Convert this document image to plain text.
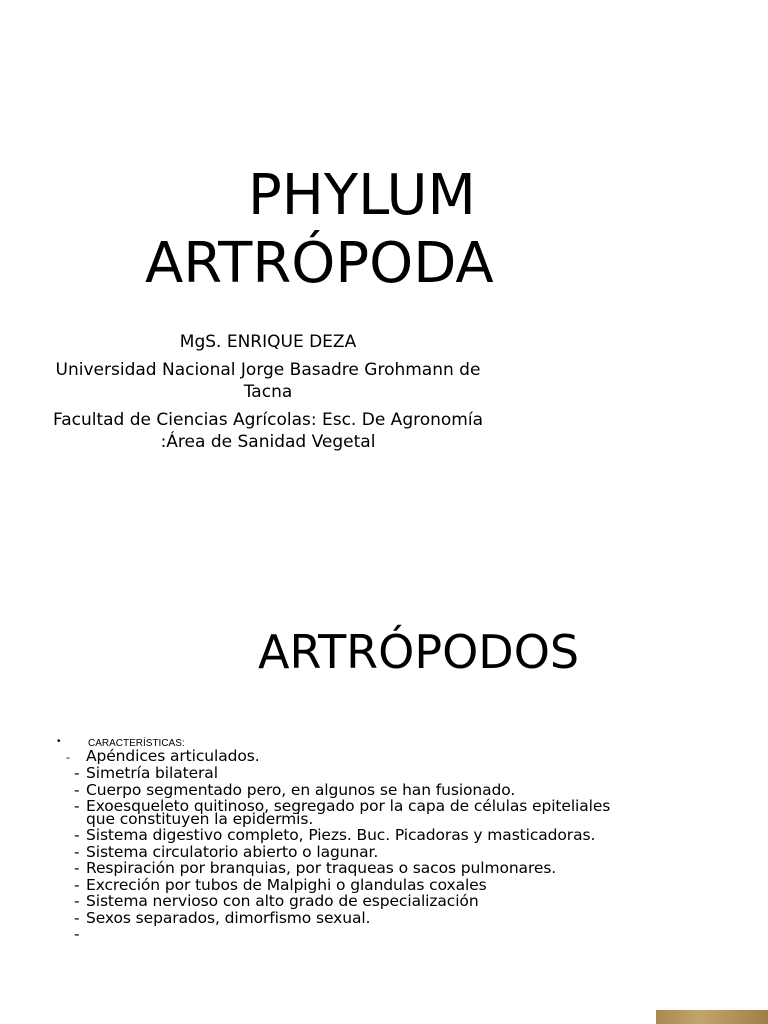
PHYLUM
ARTRÓPODA
MgS. ENRIQUE DEZA
Universidad Nacional Jorge Basadre Grohmann de
Tacna
Facultad de Ciencias Agrícolas: Esc. De Agronomía
:Área de Sanidad Vegetal
ARTRÓPODOS
•	CARACTERÍSTICAS:
- Apéndices articulados.
- Simetría bilateral
- Cuerpo segmentado pero, en algunos se han fusionado.
- Exoesqueleto quitinoso, segregado por la capa de células epiteliales
que constituyen la epidermis.
- Sistema digestivo completo, Piezs. Buc. Picadoras y masticadoras.
- Sistema circulatorio abierto o lagunar.
- Respiración por branquias, por traqueas o sacos pulmonares.
- Excreción por tubos de Malpighi o glandulas coxales
- Sistema nervioso con alto grado de especialización
- Sexos separados, dimorfismo sexual.
-
